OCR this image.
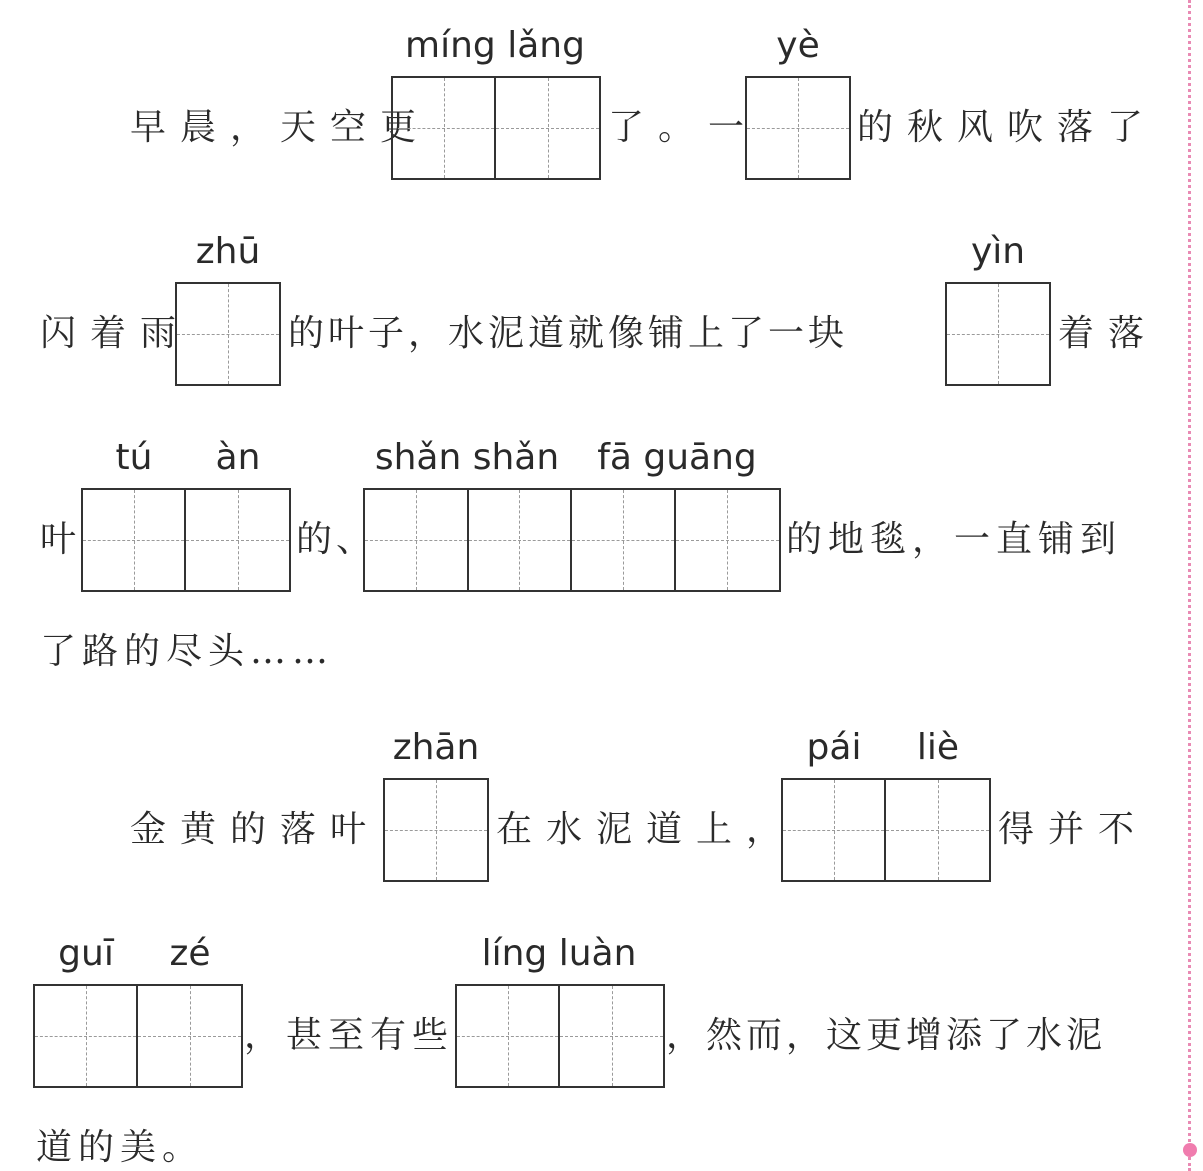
míng lǎng	yè
早晨，天空更	了。一	的秋风吹落了
zhū	yìn
闪着雨	的叶子，水泥道就像铺上了一块	着落
tú	àn	shǎn shǎn	fā guāng
叶	的、	的地毯，一直铺到
了路的尽头……
zhān	pái	liè
金黄的落叶	在水泥道上，	得并不
guī	zé	líng luàn
，甚至有些	，然而，这更增添了水泥
道的美。
